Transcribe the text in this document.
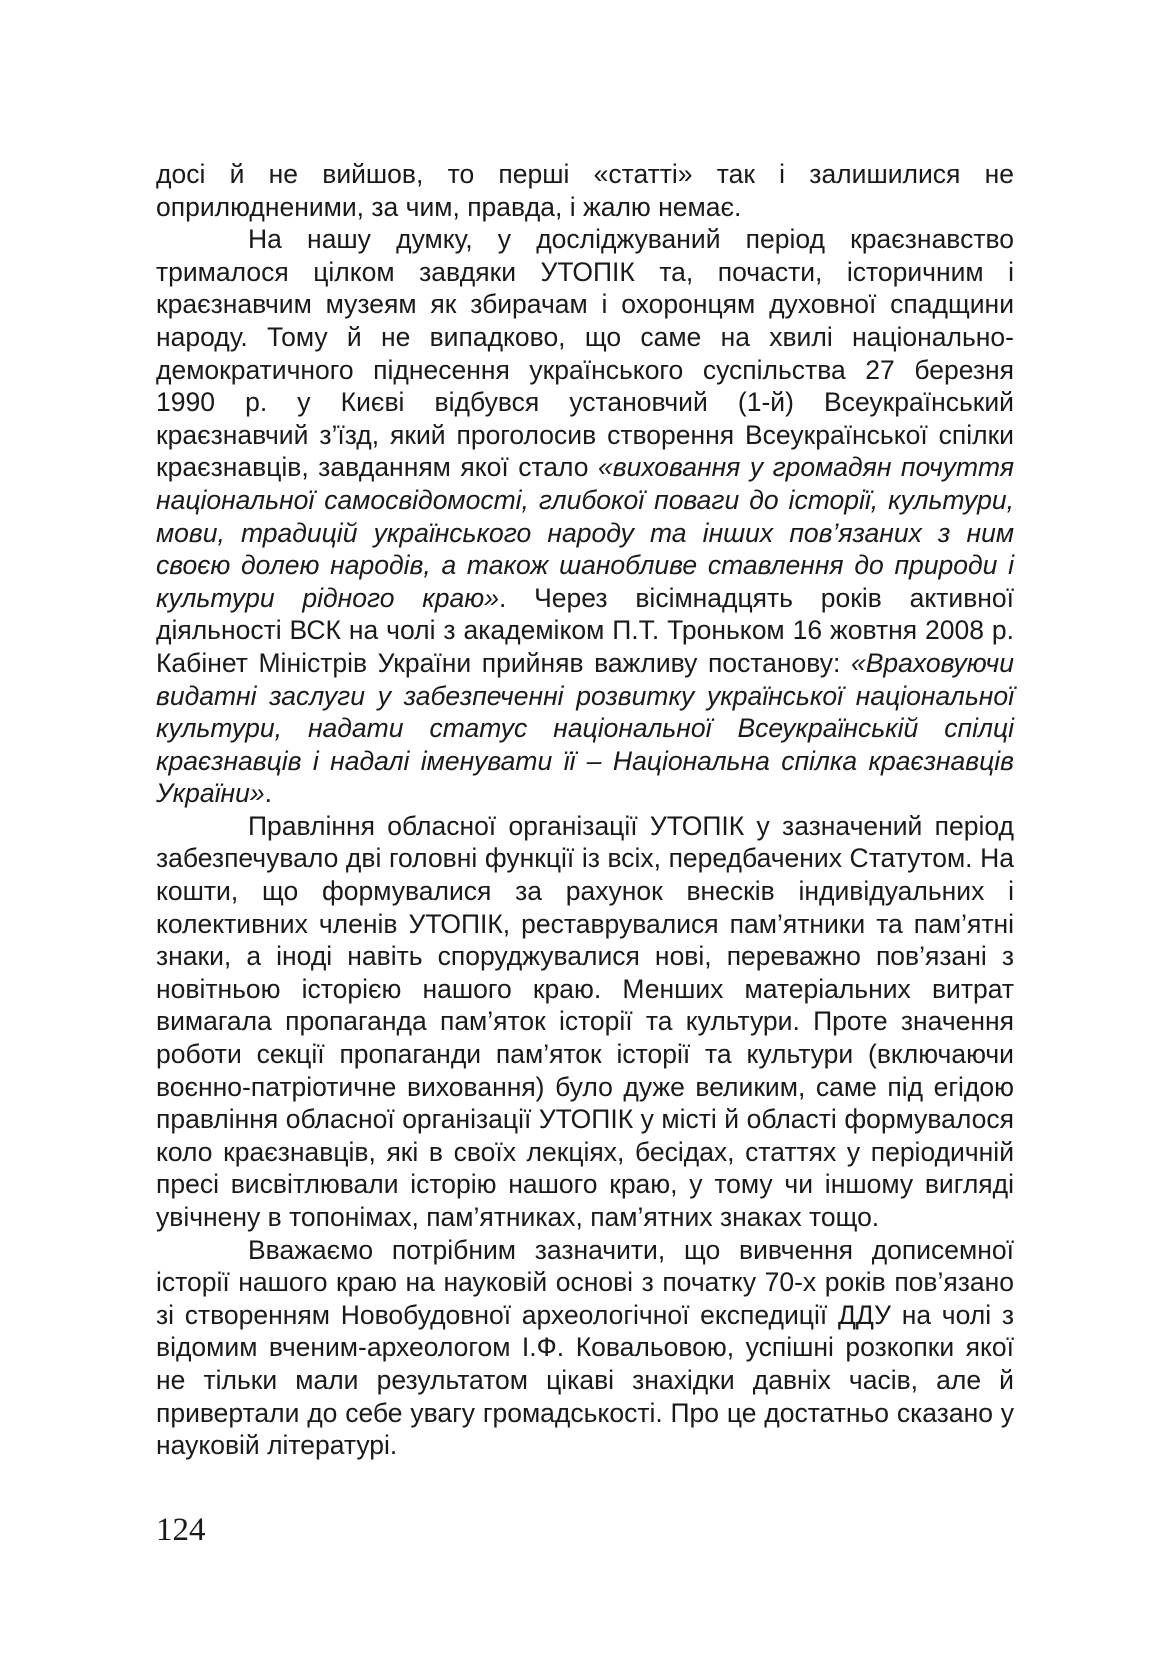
досі й не вийшов, то перші «статті» так і залишилися не оприлюдненими, за чим, правда, і жалю немає.

На нашу думку, у досліджуваний період краєзнавство трималося цілком завдяки УТОПІК та, почасти, історичним і краєзнавчим музеям як збирачам і охоронцям духовної спадщини народу. Тому й не випадково, що саме на хвилі національно-демократичного піднесення українського суспільства 27 березня 1990 р. у Києві відбувся установчий (1-й) Всеукраїнський краєзнавчий з’їзд, який проголосив створення Всеукраїнської спілки краєзнавців, завданням якої стало «виховання у громадян почуття національної самосвідомості, глибокої поваги до історії, культури, мови, традицій українського народу та інших пов’язаних з ним своєю долею народів, а також шанобливе ставлення до природи і культури рідного краю». Через вісімнадцять років активної діяльності ВСК на чолі з академіком П.Т. Троньком 16 жовтня 2008 р. Кабінет Міністрів України прийняв важливу постанову: «Враховуючи видатні заслуги у забезпеченні розвитку української національної культури, надати статус національної Всеукраїнській спілці краєзнавців і надалі іменувати її – Національна спілка краєзнавців України».

Правління обласної організації УТОПІК у зазначений період забезпечувало дві головні функції із всіх, передбачених Статутом. На кошти, що формувалися за рахунок внесків індивідуальних і колективних членів УТОПІК, реставрувалися пам’ятники та пам’ятні знаки, а іноді навіть споруджувалися нові, переважно пов’язані з новітньою історією нашого краю. Менших матеріальних витрат вимагала пропаганда пам’яток історії та культури. Проте значення роботи секції пропаганди пам’яток історії та культури (включаючи воєнно-патріотичне виховання) було дуже великим, саме під егідою правління обласної організації УТОПІК у місті й області формувалося коло краєзнавців, які в своїх лекціях, бесідах, статтях у періодичній пресі висвітлювали історію нашого краю, у тому чи іншому вигляді увічнену в топонімах, пам’ятниках, пам’ятних знаках тощо.

Вважаємо потрібним зазначити, що вивчення дописемної історії нашого краю на науковій основі з початку 70-х років пов’язано зі створенням Новобудовної археологічної експедиції ДДУ на чолі з відомим вченим-археологом І.Ф. Ковальовою, успішні розкопки якої не тільки мали результатом цікаві знахідки давніх часів, але й привертали до себе увагу громадськості. Про це достатньо сказано у науковій літературі.

124
